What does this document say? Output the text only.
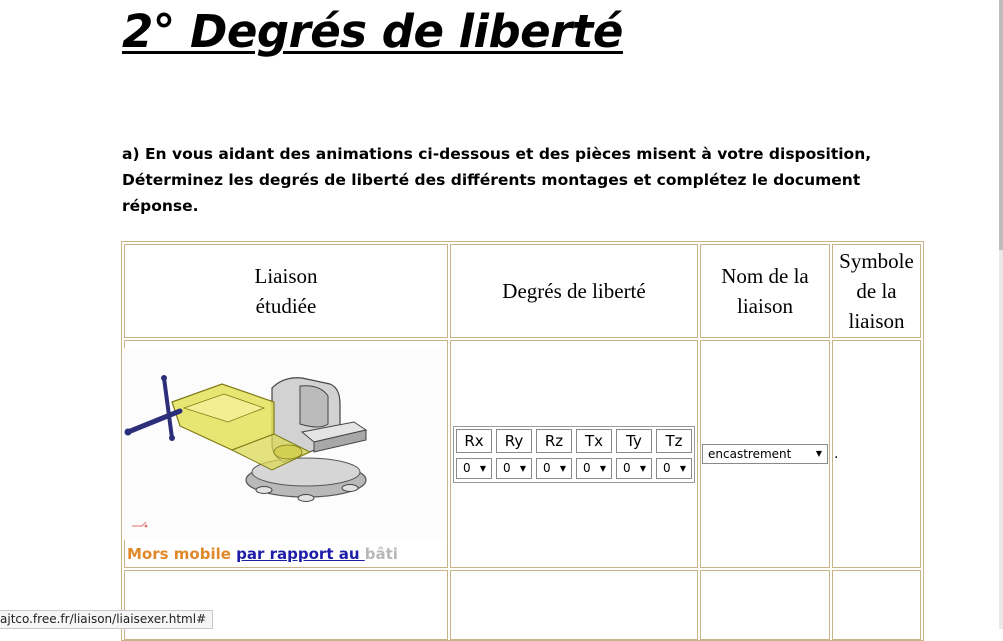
2° Degrés de liberté

a) En vous aidant des animations ci-dessous et des pièces misent à votre disposition, Déterminez les degrés de liberté des différents montages et complétez le document réponse.

Liaison
étudiée
Degrés de liberté
Nom de la
liaison
Symbole
de la
liaison
Mors mobile par rapport au bâti
Rx
0 ▼
Ry
0 ▼
Rz
0 ▼
Tx
0 ▼
Ty
0 ▼
Tz
0 ▼
encastrement	▼ .
ajtco.free.fr/liaison/liaisexer.html#
